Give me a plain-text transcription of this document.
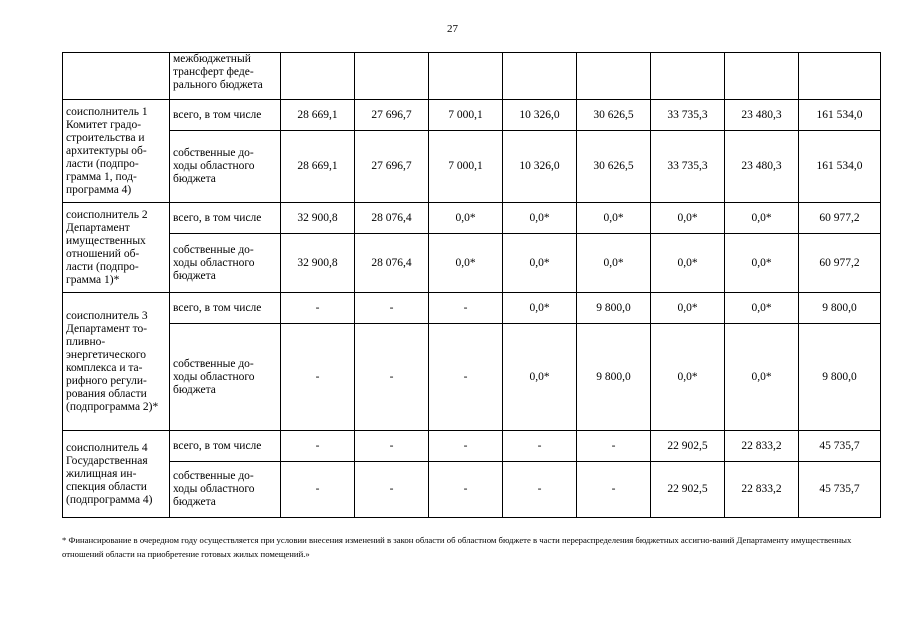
27
	межбюджетный трансферт феде-рального бюджета								
соисполнитель 1 Комитет градо-строительства и архитектуры об-ласти (подпро-грамма 1, под-программа 4)	всего, в том числе	28 669,1	27 696,7	7 000,1	10 326,0	30 626,5	33 735,3	23 480,3	161 534,0
	собственные до-ходы областного бюджета	28 669,1	27 696,7	7 000,1	10 326,0	30 626,5	33 735,3	23 480,3	161 534,0
соисполнитель 2 Департамент имущественных отношений об-ласти (подпро-грамма 1)*	всего, в том числе	32 900,8	28 076,4	0,0*	0,0*	0,0*	0,0*	0,0*	60 977,2
	собственные до-ходы областного бюджета	32 900,8	28 076,4	0,0*	0,0*	0,0*	0,0*	0,0*	60 977,2
соисполнитель 3 Департамент то-пливно-энергетического комплекса и та-рифного регули-рования области (подпрограмма 2)*	всего, в том числе	-	-	-	0,0*	9 800,0	0,0*	0,0*	9 800,0
	собственные до-ходы областного бюджета	-	-	-	0,0*	9 800,0	0,0*	0,0*	9 800,0
соисполнитель 4 Государственная жилищная ин-спекция области (подпрограмма 4)	всего, в том числе	-	-	-	-	-	22 902,5	22 833,2	45 735,7
	собственные до-ходы областного бюджета	-	-	-	-	-	22 902,5	22 833,2	45 735,7
* Финансирование в очередном году осуществляется при условии внесения изменений в закон области об областном бюджете в части перераспределения бюджетных ассигно-ваний Департаменту имущественных отношений области на приобретение готовых жилых помещений.»
